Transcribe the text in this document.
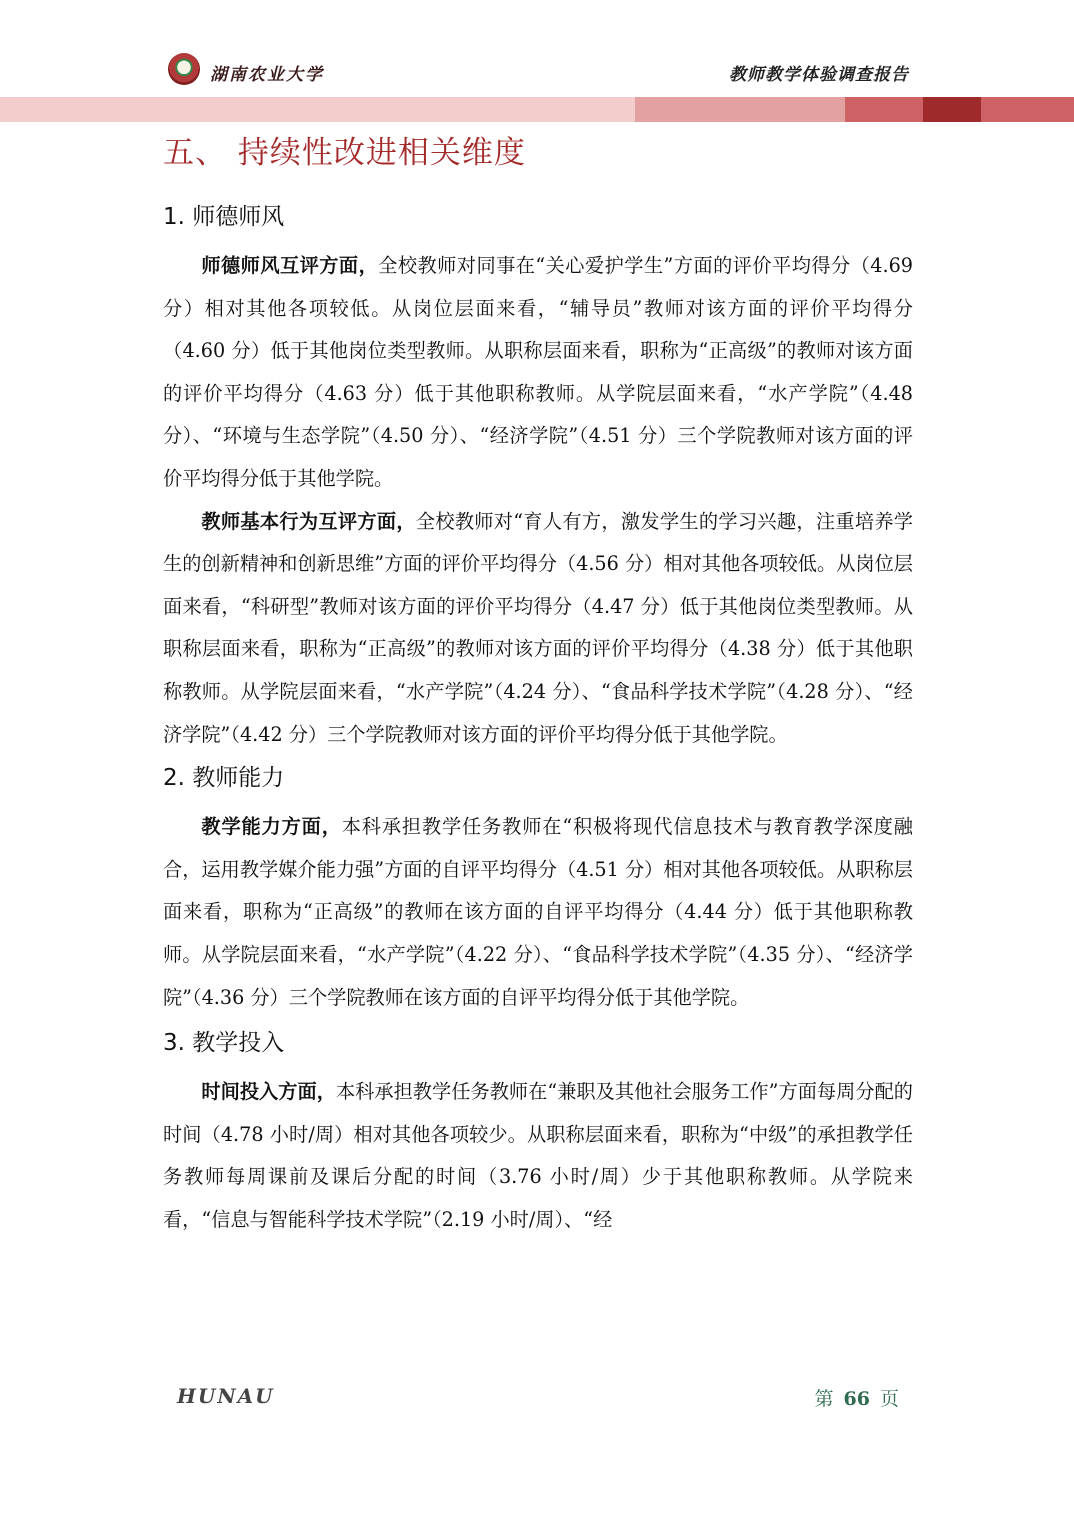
湖南农业大学	教师教学体验调查报告
五、 持续性改进相关维度
1. 师德师风

师德师风互评方面，全校教师对同事在“关心爱护学生”方面的评价平均得分（4.69 分）相对其他各项较低。从岗位层面来看，“辅导员”教师对该方面的评价平均得分（4.60 分）低于其他岗位类型教师。从职称层面来看，职称为“正高级”的教师对该方面的评价平均得分（4.63 分）低于其他职称教师。从学院层面来看，“水产学院”（4.48 分）、“环境与生态学院”（4.50 分）、“经济学院”（4.51 分）三个学院教师对该方面的评价平均得分低于其他学院。

教师基本行为互评方面，全校教师对“育人有方，激发学生的学习兴趣，注重培养学生的创新精神和创新思维”方面的评价平均得分（4.56 分）相对其他各项较低。从岗位层面来看，“科研型”教师对该方面的评价平均得分（4.47 分）低于其他岗位类型教师。从职称层面来看，职称为“正高级”的教师对该方面的评价平均得分（4.38 分）低于其他职称教师。从学院层面来看，“水产学院”（4.24 分）、“食品科学技术学院”（4.28 分）、“经济学院”（4.42 分）三个学院教师对该方面的评价平均得分低于其他学院。

2. 教师能力

教学能力方面，本科承担教学任务教师在“积极将现代信息技术与教育教学深度融合，运用教学媒介能力强”方面的自评平均得分（4.51 分）相对其他各项较低。从职称层面来看，职称为“正高级”的教师在该方面的自评平均得分（4.44 分）低于其他职称教师。从学院层面来看，“水产学院”（4.22 分）、“食品科学技术学院”（4.35 分）、“经济学院”（4.36 分）三个学院教师在该方面的自评平均得分低于其他学院。

3. 教学投入

时间投入方面，本科承担教学任务教师在“兼职及其他社会服务工作”方面每周分配的时间（4.78 小时/周）相对其他各项较少。从职称层面来看，职称为“中级”的承担教学任务教师每周课前及课后分配的时间（3.76 小时/周）少于其他职称教师。从学院来看，“信息与智能科学技术学院”（2.19 小时/周）、“经

HUNAU	第 66 页
